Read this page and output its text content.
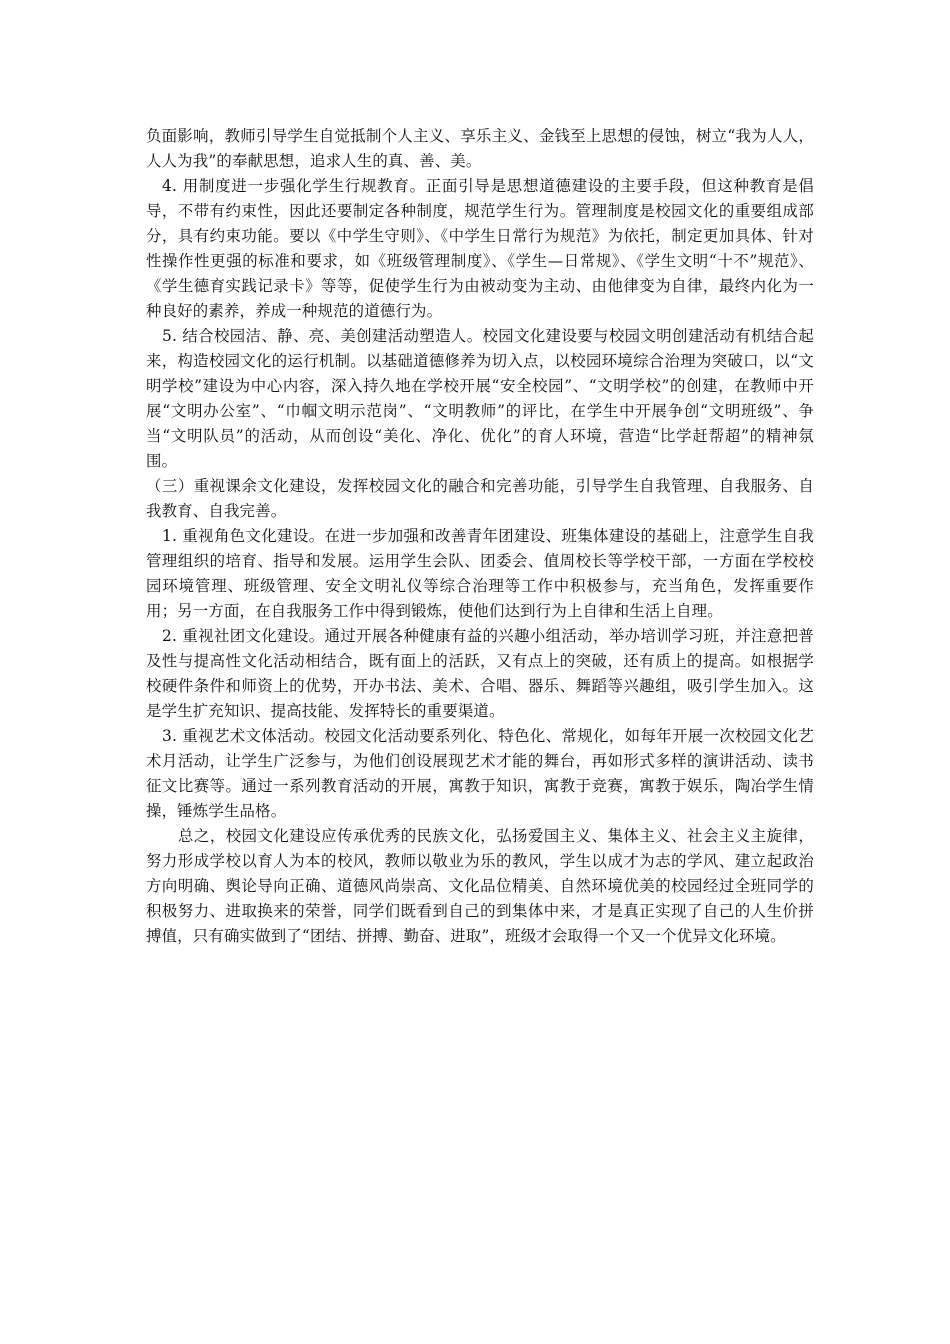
负面影响，教师引导学生自觉抵制个人主义、享乐主义、金钱至上思想的侵蚀，树立“我为人人，人人为我”的奉献思想，追求人生的真、善、美。

4. 用制度进一步强化学生行规教育。正面引导是思想道德建设的主要手段，但这种教育是倡导，不带有约束性，因此还要制定各种制度，规范学生行为。管理制度是校园文化的重要组成部分，具有约束功能。要以《中学生守则》、《中学生日常行为规范》为依托，制定更加具体、针对性操作性更强的标准和要求，如《班级管理制度》、《学生—日常规》、《学生文明“十不”规范》、《学生德育实践记录卡》等等，促使学生行为由被动变为主动、由他律变为自律，最终内化为一种良好的素养，养成一种规范的道德行为。

5. 结合校园洁、静、亮、美创建活动塑造人。校园文化建设要与校园文明创建活动有机结合起来，构造校园文化的运行机制。以基础道德修养为切入点，以校园环境综合治理为突破口，以“文明学校”建设为中心内容，深入持久地在学校开展“安全校园”、“文明学校”的创建，在教师中开展“文明办公室”、“巾帼文明示范岗”、“文明教师”的评比，在学生中开展争创“文明班级”、争当“文明队员”的活动，从而创设“美化、净化、优化”的育人环境，营造“比学赶帮超”的精神氛围。

（三）重视课余文化建设，发挥校园文化的融合和完善功能，引导学生自我管理、自我服务、自我教育、自我完善。

1. 重视角色文化建设。在进一步加强和改善青年团建设、班集体建设的基础上，注意学生自我管理组织的培育、指导和发展。运用学生会队、团委会、值周校长等学校干部，一方面在学校校园环境管理、班级管理、安全文明礼仪等综合治理等工作中积极参与，充当角色，发挥重要作用；另一方面，在自我服务工作中得到锻炼，使他们达到行为上自律和生活上自理。

2. 重视社团文化建设。通过开展各种健康有益的兴趣小组活动，举办培训学习班，并注意把普及性与提高性文化活动相结合，既有面上的活跃，又有点上的突破，还有质上的提高。如根据学校硬件条件和师资上的优势，开办书法、美术、合唱、器乐、舞蹈等兴趣组，吸引学生加入。这是学生扩充知识、提高技能、发挥特长的重要渠道。

3. 重视艺术文体活动。校园文化活动要系列化、特色化、常规化，如每年开展一次校园文化艺术月活动，让学生广泛参与，为他们创设展现艺术才能的舞台，再如形式多样的演讲活动、读书征文比赛等。通过一系列教育活动的开展，寓教于知识，寓教于竞赛，寓教于娱乐，陶冶学生情操，锤炼学生品格。

总之，校园文化建设应传承优秀的民族文化，弘扬爱国主义、集体主义、社会主义主旋律，努力形成学校以育人为本的校风，教师以敬业为乐的教风，学生以成才为志的学风、建立起政治方向明确、舆论导向正确、道德风尚崇高、文化品位精美、自然环境优美的校园经过全班同学的积极努力、进取换来的荣誉，同学们既看到自己的到集体中来，才是真正实现了自己的人生价拼搏值，只有确实做到了“团结、拼搏、勤奋、进取”，班级才会取得一个又一个优异文化环境。
